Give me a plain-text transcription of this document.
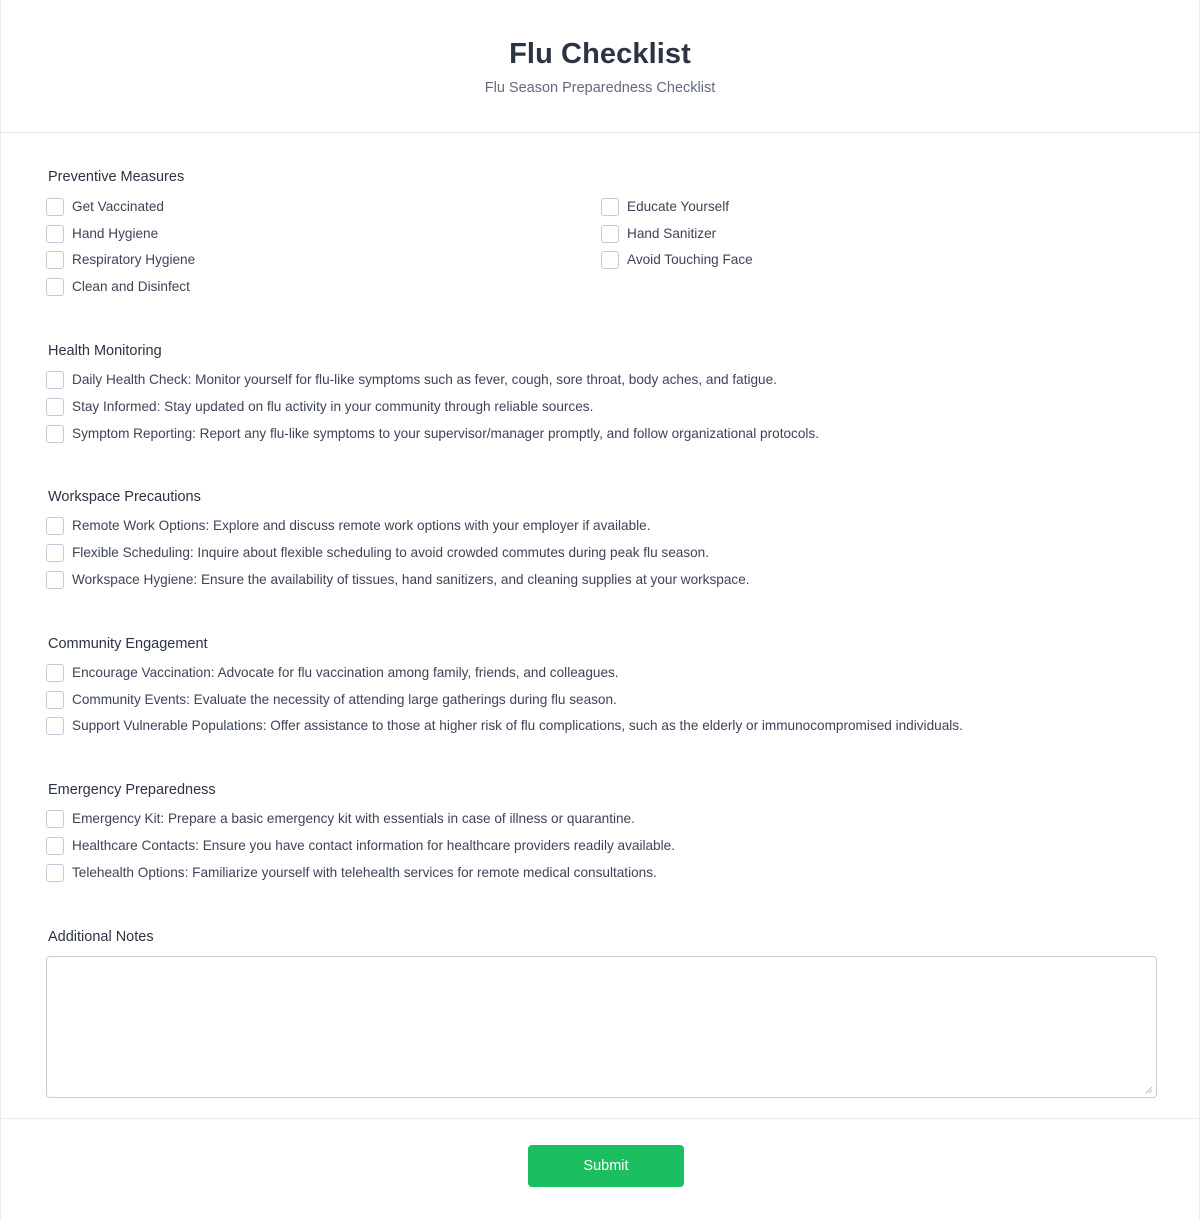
Flu Checklist
Flu Season Preparedness Checklist
Preventive Measures
Get Vaccinated
Hand Hygiene
Respiratory Hygiene
Clean and Disinfect
Educate Yourself
Hand Sanitizer
Avoid Touching Face
Health Monitoring
Daily Health Check: Monitor yourself for flu-like symptoms such as fever, cough, sore throat, body aches, and fatigue.
Stay Informed: Stay updated on flu activity in your community through reliable sources.
Symptom Reporting: Report any flu-like symptoms to your supervisor/manager promptly, and follow organizational protocols.
Workspace Precautions
Remote Work Options: Explore and discuss remote work options with your employer if available.
Flexible Scheduling: Inquire about flexible scheduling to avoid crowded commutes during peak flu season.
Workspace Hygiene: Ensure the availability of tissues, hand sanitizers, and cleaning supplies at your workspace.
Community Engagement
Encourage Vaccination: Advocate for flu vaccination among family, friends, and colleagues.
Community Events: Evaluate the necessity of attending large gatherings during flu season.
Support Vulnerable Populations: Offer assistance to those at higher risk of flu complications, such as the elderly or immunocompromised individuals.
Emergency Preparedness
Emergency Kit: Prepare a basic emergency kit with essentials in case of illness or quarantine.
Healthcare Contacts: Ensure you have contact information for healthcare providers readily available.
Telehealth Options: Familiarize yourself with telehealth services for remote medical consultations.
Additional Notes
Submit
